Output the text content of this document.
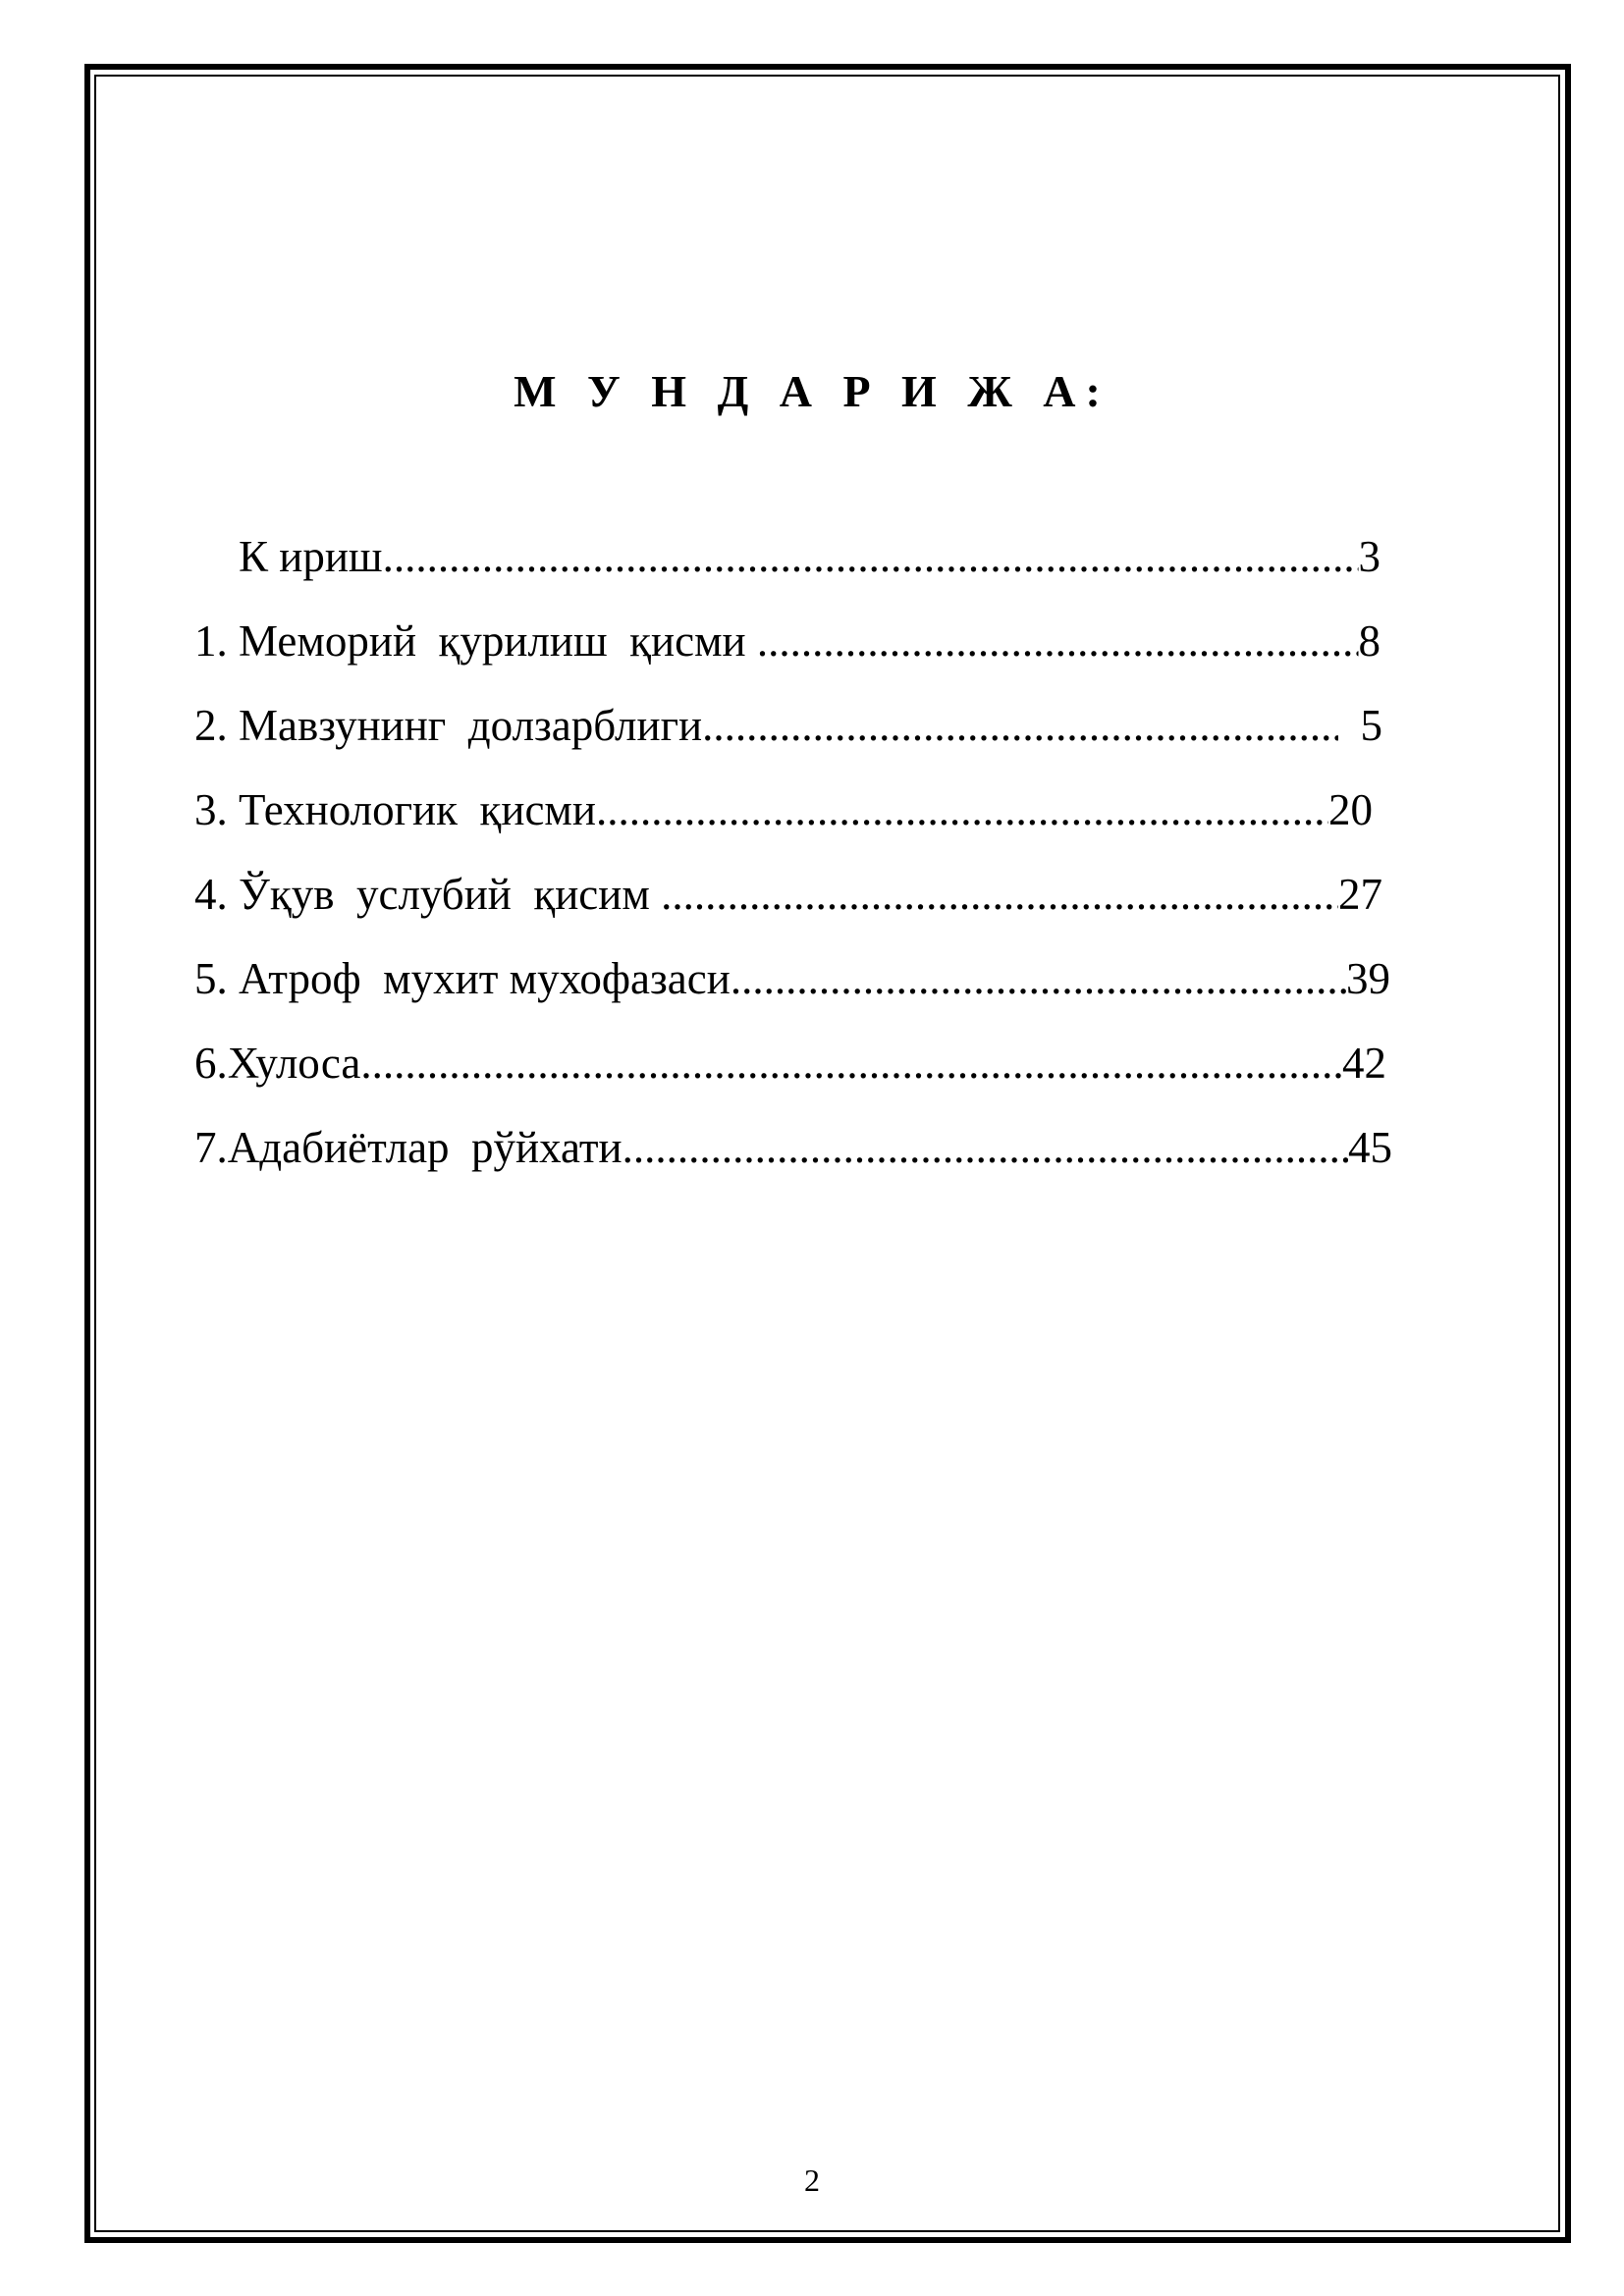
М У Н Д А Р И Ж А:
К ириш .....	3
1. Меморий  қурилиш  қисми .....	8
2. Мавзунинг  долзарблиги .....	5
3. Технологик  қисми .....	20
4. Ўқув  услубий  қисим .....	27
5. Атроф  мухит мухофазаси .....	39
6.Хулоса .....	42
7.Адабиётлар  рўйхати .....	45
2
